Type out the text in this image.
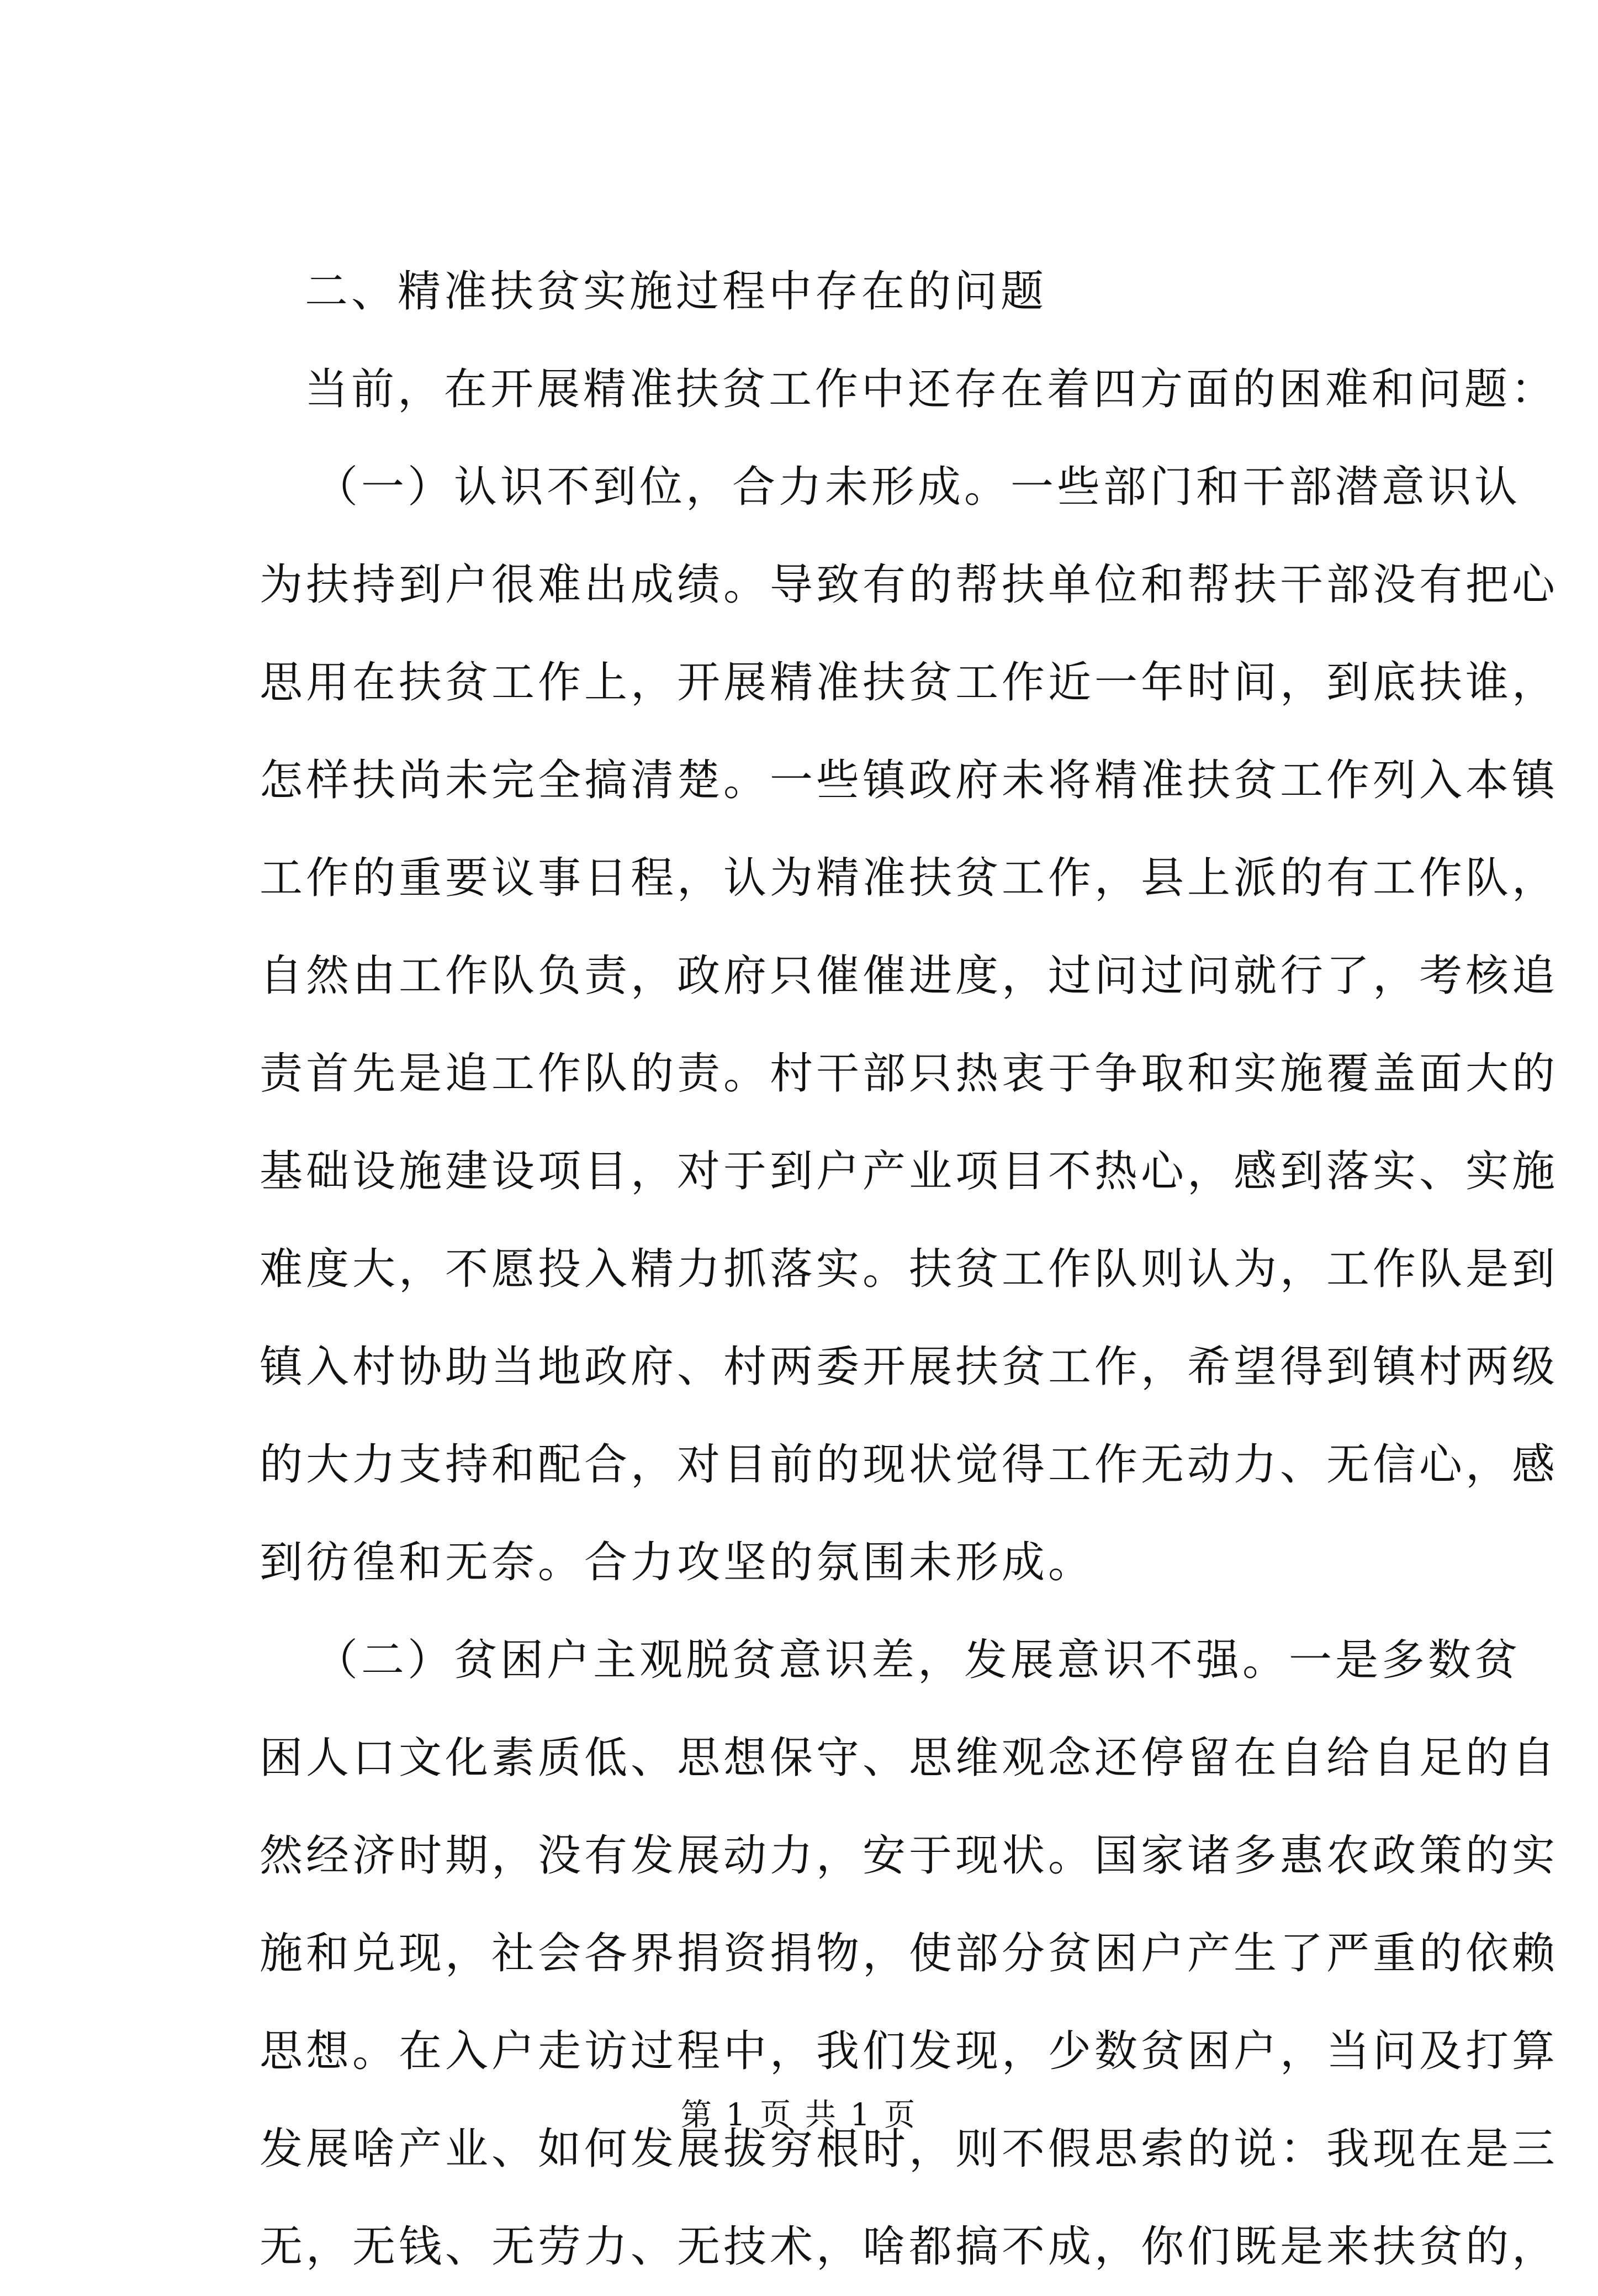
二、精准扶贫实施过程中存在的问题
当前，在开展精准扶贫工作中还存在着四方面的困难和问题：
（一）认识不到位，合力未形成。一些部门和干部潜意识认
为扶持到户很难出成绩。导致有的帮扶单位和帮扶干部没有把心
思用在扶贫工作上，开展精准扶贫工作近一年时间，到底扶谁，
怎样扶尚未完全搞清楚。一些镇政府未将精准扶贫工作列入本镇
工作的重要议事日程，认为精准扶贫工作，县上派的有工作队，
自然由工作队负责，政府只催催进度，过问过问就行了，考核追
责首先是追工作队的责。村干部只热衷于争取和实施覆盖面大的
基础设施建设项目，对于到户产业项目不热心，感到落实、实施
难度大，不愿投入精力抓落实。扶贫工作队则认为，工作队是到
镇入村协助当地政府、村两委开展扶贫工作，希望得到镇村两级
的大力支持和配合，对目前的现状觉得工作无动力、无信心，感
到彷徨和无奈。合力攻坚的氛围未形成。
（二）贫困户主观脱贫意识差，发展意识不强。一是多数贫
困人口文化素质低、思想保守、思维观念还停留在自给自足的自
然经济时期，没有发展动力，安于现状。国家诸多惠农政策的实
施和兑现，社会各界捐资捐物，使部分贫困户产生了严重的依赖
思想。在入户走访过程中，我们发现，少数贫困户，当问及打算
发展啥产业、如何发展拔穷根时，则不假思索的说：我现在是三
无，无钱、无劳力、无技术，啥都搞不成，你们既是来扶贫的，
第 1 页 共 1 页
